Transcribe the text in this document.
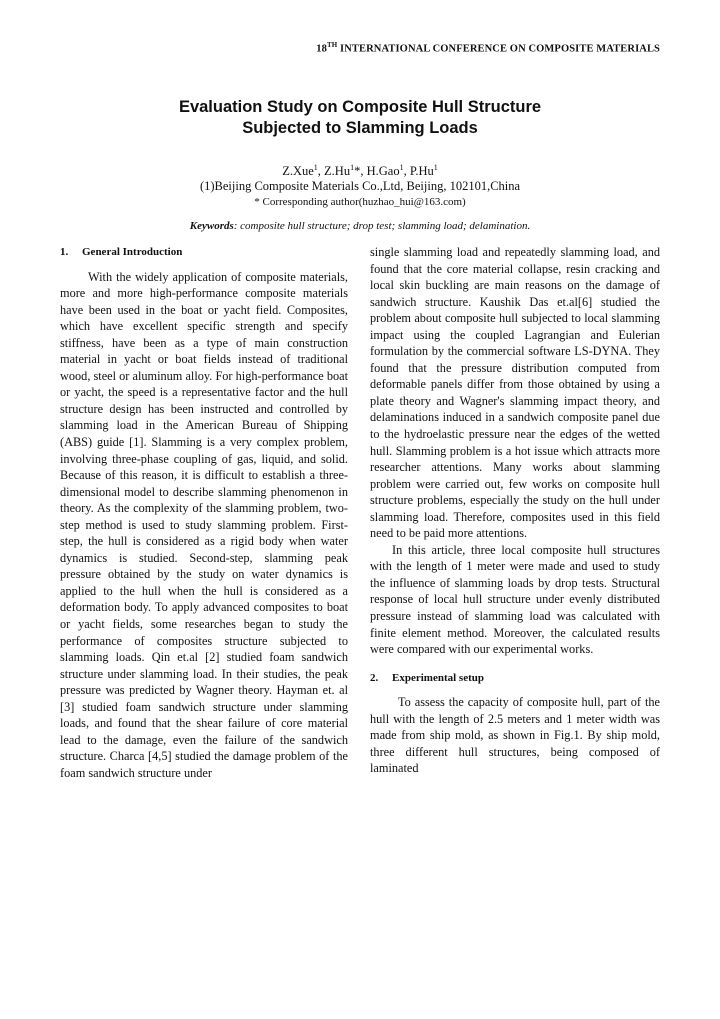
18TH INTERNATIONAL CONFERENCE ON COMPOSITE MATERIALS
Evaluation Study on Composite Hull Structure
Subjected to Slamming Loads
Z.Xue$^1$, Z.Hu$^1$*, H.Gao$^1$, P.Hu$^1$
(1)Beijing Composite Materials Co.,Ltd, Beijing, 102101,China
* Corresponding author(huzhao_hui@163.com)
Keywords: composite hull structure; drop test; slamming load; delamination.
1. General Introduction

With the widely application of composite materials, more and more high-performance composite materials have been used in the boat or yacht field. Composites, which have excellent specific strength and specify stiffness, have been as a type of main construction material in yacht or boat fields instead of traditional wood, steel or aluminum alloy. For high-performance boat or yacht, the speed is a representative factor and the hull structure design has been instructed and controlled by slamming load in the American Bureau of Shipping (ABS) guide [1]. Slamming is a very complex problem, involving three-phase coupling of gas, liquid, and solid. Because of this reason, it is difficult to establish a three-dimensional model to describe slamming phenomenon in theory. As the complexity of the slamming problem, two-step method is used to study slamming problem. First-step, the hull is considered as a rigid body when water dynamics is studied. Second-step, slamming peak pressure obtained by the study on water dynamics is applied to the hull when the hull is considered as a deformation body. To apply advanced composites to boat or yacht fields, some researches began to study the performance of composites structure subjected to slamming loads. Qin et.al [2] studied foam sandwich structure under slamming load. In their studies, the peak pressure was predicted by Wagner theory. Hayman et. al [3] studied foam sandwich structure under slamming loads, and found that the shear failure of core material lead to the damage, even the failure of the sandwich structure. Charca [4,5] studied the damage problem of the foam sandwich structure under

single slamming load and repeatedly slamming load, and found that the core material collapse, resin cracking and local skin buckling are main reasons on the damage of sandwich structure. Kaushik Das et.al[6] studied the problem about composite hull subjected to local slamming impact using the coupled Lagrangian and Eulerian formulation by the commercial software LS-DYNA. They found that the pressure distribution computed from deformable panels differ from those obtained by using a plate theory and Wagner's slamming impact theory, and delaminations induced in a sandwich composite panel due to the hydroelastic pressure near the edges of the wetted hull. Slamming problem is a hot issue which attracts more researcher attentions. Many works about slamming problem were carried out, few works on composite hull structure problems, especially the study on the hull under slamming load. Therefore, composites used in this field need to be paid more attentions.

In this article, three local composite hull structures with the length of 1 meter were made and used to study the influence of slamming loads by drop tests. Structural response of local hull structure under evenly distributed pressure instead of slamming load was calculated with finite element method. Moreover, the calculated results were compared with our experimental works.

2. Experimental setup

To assess the capacity of composite hull, part of the hull with the length of 2.5 meters and 1 meter width was made from ship mold, as shown in Fig.1. By ship mold, three different hull structures, being composed of laminated
